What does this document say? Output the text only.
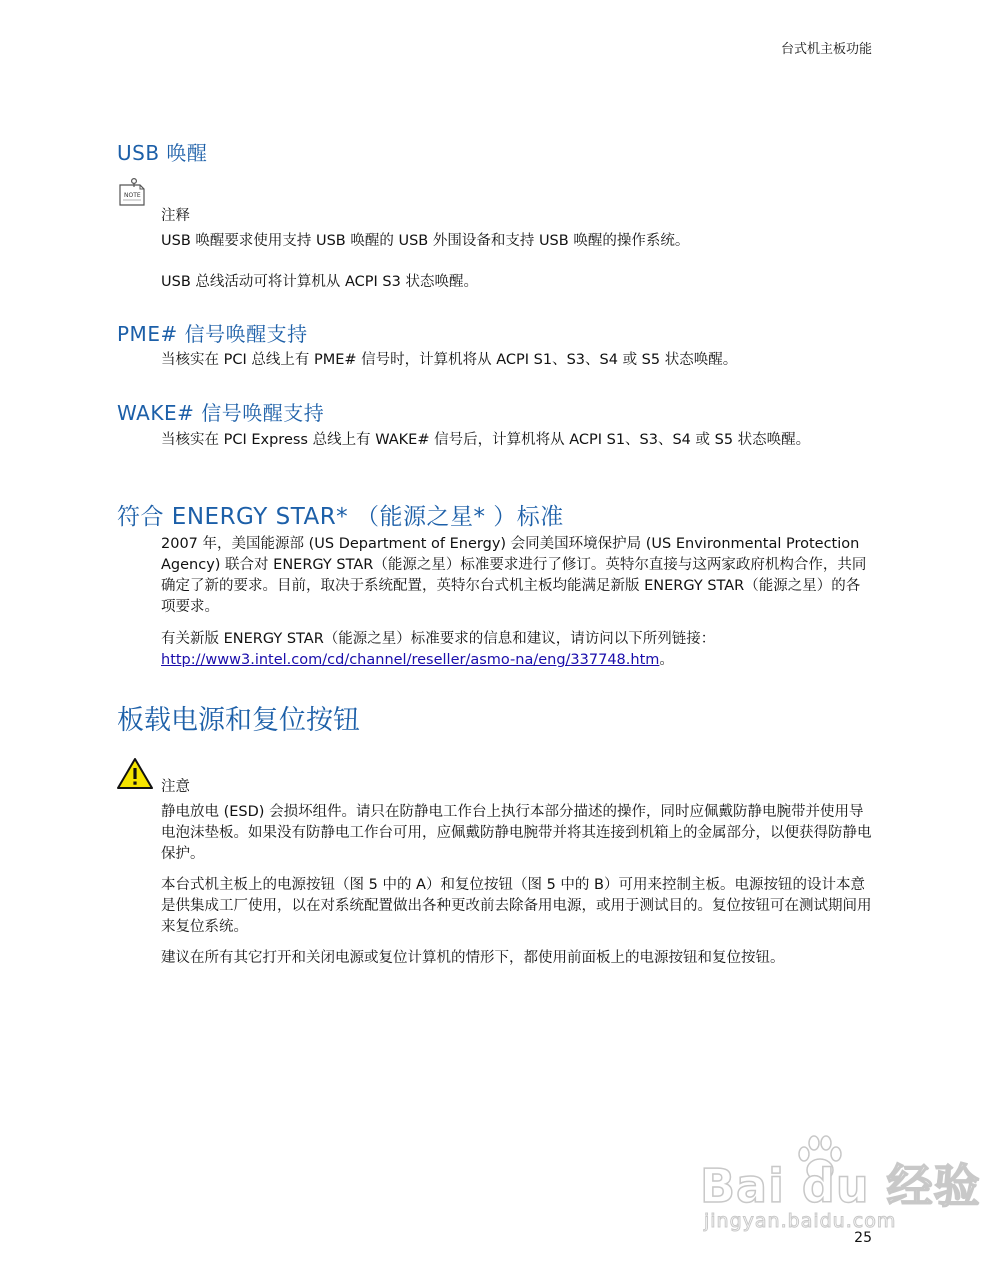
台式机主板功能
USB 唤醒
NOTE
注释

USB 唤醒要求使用支持 USB 唤醒的 USB 外围设备和支持 USB 唤醒的操作系统。

USB 总线活动可将计算机从 ACPI S3 状态唤醒。

PME# 信号唤醒支持

当核实在 PCI 总线上有 PME# 信号时，计算机将从 ACPI S1、S3、S4 或 S5 状态唤醒。

WAKE# 信号唤醒支持

当核实在 PCI Express 总线上有 WAKE# 信号后，计算机将从 ACPI S1、S3、S4 或 S5 状态唤醒。

符合 ENERGY STAR* （能源之星* ）标准

2007 年，美国能源部 (US Department of Energy) 会同美国环境保护局 (US Environmental Protection Agency) 联合对 ENERGY STAR（能源之星）标准要求进行了修订。英特尔直接与这两家政府机构合作，共同确定了新的要求。目前，取决于系统配置，英特尔台式机主板均能满足新版 ENERGY STAR（能源之星）的各项要求。

有关新版 ENERGY STAR（能源之星）标准要求的信息和建议，请访问以下所列链接：
http://www3.intel.com/cd/channel/reseller/asmo-na/eng/337748.htm。

板载电源和复位按钮
注意

静电放电 (ESD) 会损坏组件。请只在防静电工作台上执行本部分描述的操作，同时应佩戴防静电腕带并使用导电泡沫垫板。如果没有防静电工作台可用，应佩戴防静电腕带并将其连接到机箱上的金属部分，以便获得防静电保护。

本台式机主板上的电源按钮（图 5 中的 A）和复位按钮（图 5 中的 B）可用来控制主板。电源按钮的设计本意是供集成工厂使用，以在对系统配置做出各种更改前去除备用电源，或用于测试目的。复位按钮可在测试期间用来复位系统。

建议在所有其它打开和关闭电源或复位计算机的情形下，都使用前面板上的电源按钮和复位按钮。

Bai du 经验
jingyan.baidu.com
25
